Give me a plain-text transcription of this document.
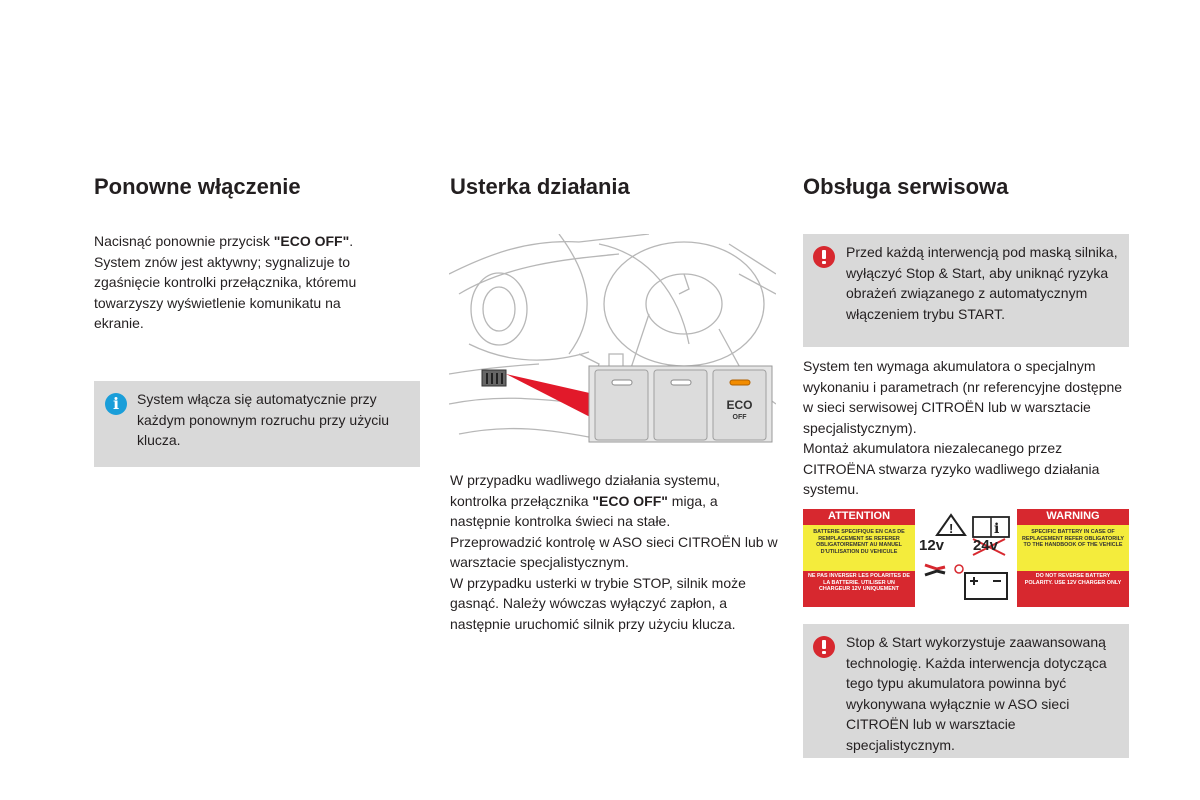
Ponowne włączenie

Nacisnąć ponownie przycisk "ECO OFF". System znów jest aktywny; sygnalizuje to zgaśnięcie kontrolki przełącznika, któremu towarzyszy wyświetlenie komunikatu na ekranie.

i	System włącza się automatycznie przy każdym ponownym rozruchu przy użyciu klucza.
Usterka działania
ECO
OFF
W przypadku wadliwego działania systemu, kontrolka przełącznika "ECO OFF" miga, a następnie kontrolka świeci na stałe.
Przeprowadzić kontrolę w ASO sieci CITROËN lub w warsztacie specjalistycznym.
W przypadku usterki w trybie STOP, silnik może gasnąć. Należy wówczas wyłączyć zapłon, a następnie uruchomić silnik przy użyciu klucza.
Obsługa serwisowa
Przed każdą interwencją pod maską silnika, wyłączyć Stop & Start, aby uniknąć ryzyka obrażeń związanego z automatycznym włączeniem trybu START.
System ten wymaga akumulatora o specjalnym wykonaniu i parametrach (nr referencyjne dostępne w sieci serwisowej CITROËN lub w warsztacie specjalistycznym).
Montaż akumulatora niezalecanego przez CITROËNA stwarza ryzyko wadliwego działania systemu.
ATTENTION	WARNING
BATTERIE SPECIFIQUE EN CAS DE REMPLACEMENT SE REFERER OBLIGATOIREMENT AU MANUEL D'UTILISATION DU VEHICULE
SPECIFIC BATTERY IN CASE OF REPLACEMENT REFER OBLIGATORILY TO THE HANDBOOK OF THE VEHICLE
NE PAS INVERSER LES POLARITES DE LA BATTERIE. UTILISER UN CHARGEUR 12V UNIQUEMENT
DO NOT REVERSE BATTERY POLARITY. USE 12V CHARGER ONLY
!	i
12v 24v
Stop & Start wykorzystuje zaawansowaną technologię. Każda interwencja dotycząca tego typu akumulatora powinna być wykonywana wyłącznie w ASO sieci CITROËN lub w warsztacie specjalistycznym.
